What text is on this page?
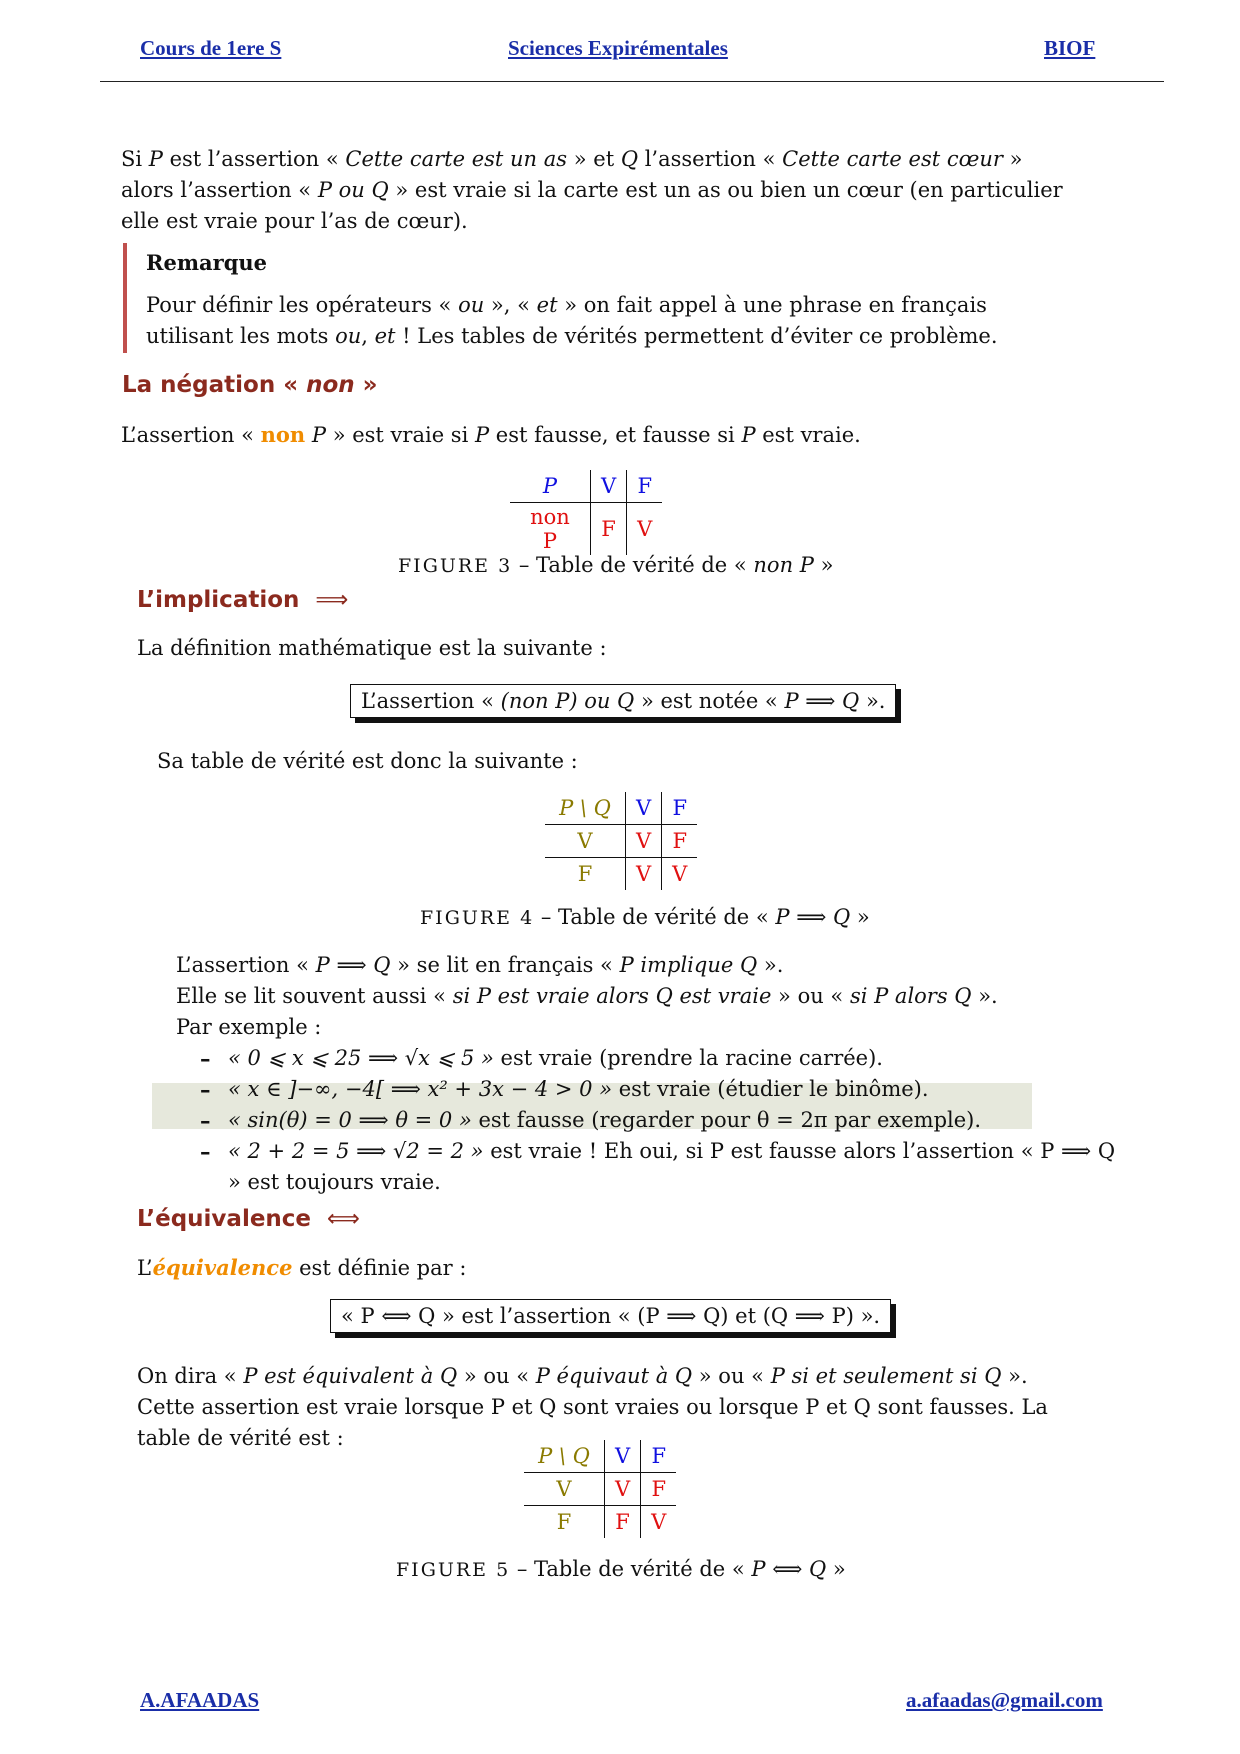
Cours de 1ere S	Sciences Expirémentales	BIOF
Si P est l’assertion « Cette carte est un as » et Q l’assertion « Cette carte est cœur » alors l’assertion « P ou Q » est vraie si la carte est un as ou bien un cœur (en particulier elle est vraie pour l’as de cœur).
Remarque
Pour définir les opérateurs « ou », « et » on fait appel à une phrase en français utilisant les mots ou, et ! Les tables de vérités permettent d’éviter ce problème.
La négation « non »
L’assertion « non P » est vraie si P est fausse, et fausse si P est vraie.
P	V	F
non P	F	V
FIGURE 3 – Table de vérité de « non P »
L’implication ⟹
La définition mathématique est la suivante :
L’assertion « (non P) ou Q » est notée « P ⟹ Q ».
Sa table de vérité est donc la suivante :
P \ Q	V	F
V	V	F
F	V	V
FIGURE 4 – Table de vérité de « P ⟹ Q »
L’assertion « P ⟹ Q » se lit en français « P implique Q ».
Elle se lit souvent aussi « si P est vraie alors Q est vraie » ou « si P alors Q ».
Par exemple :
– « 0 ⩽ x ⩽ 25 ⟹ √x ⩽ 5 » est vraie (prendre la racine carrée).
– « x ∈ ]−∞, −4[ ⟹ x² + 3x − 4 > 0 » est vraie (étudier le binôme).
– « sin(θ) = 0 ⟹ θ = 0 » est fausse (regarder pour θ = 2π par exemple).
– « 2 + 2 = 5 ⟹ √2 = 2 » est vraie ! Eh oui, si P est fausse alors l’assertion « P ⟹ Q » est toujours vraie.
L’équivalence ⟺
L’équivalence est définie par :
« P ⟺ Q » est l’assertion « (P ⟹ Q) et (Q ⟹ P) ».
On dira « P est équivalent à Q » ou « P équivaut à Q » ou « P si et seulement si Q ». Cette assertion est vraie lorsque P et Q sont vraies ou lorsque P et Q sont fausses. La table de vérité est :
P \ Q	V	F
V	V	F
F	F	V
FIGURE 5 – Table de vérité de « P ⟺ Q »
A.AFAADAS	a.afaadas@gmail.com
